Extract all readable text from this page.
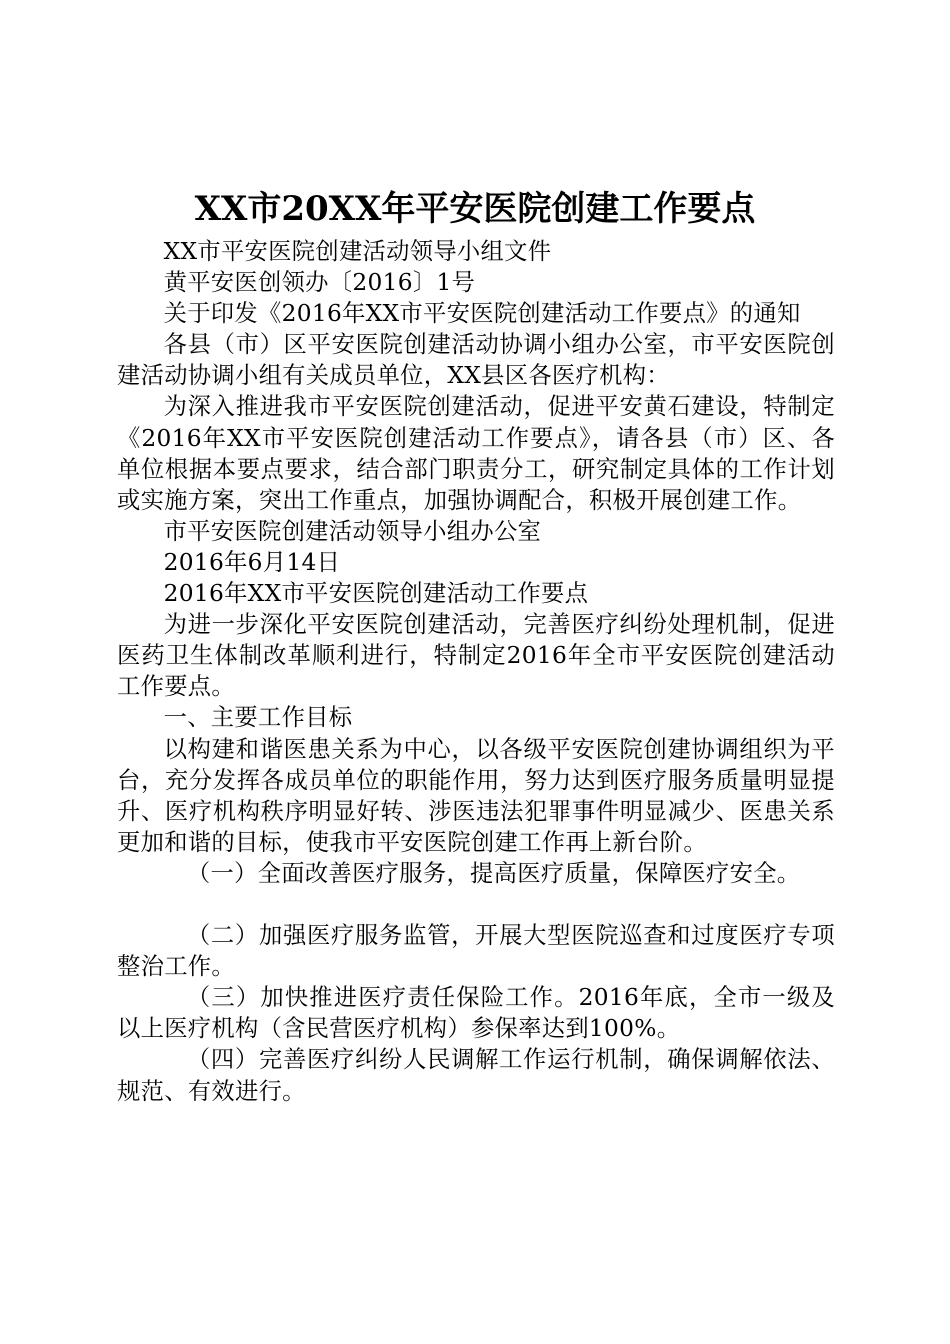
XX市20XX年平安医院创建工作要点

XX市平安医院创建活动领导小组文件

黄平安医创领办〔2016〕1号

关于印发《2016年XX市平安医院创建活动工作要点》的通知

各县（市）区平安医院创建活动协调小组办公室，市平安医院创建活动协调小组有关成员单位，XX县区各医疗机构：

为深入推进我市平安医院创建活动，促进平安黄石建设，特制定《2016年XX市平安医院创建活动工作要点》，请各县（市）区、各单位根据本要点要求，结合部门职责分工，研究制定具体的工作计划或实施方案，突出工作重点，加强协调配合，积极开展创建工作。

市平安医院创建活动领导小组办公室

2016年6月14日

2016年XX市平安医院创建活动工作要点

为进一步深化平安医院创建活动，完善医疗纠纷处理机制，促进医药卫生体制改革顺利进行，特制定2016年全市平安医院创建活动工作要点。

一、主要工作目标

以构建和谐医患关系为中心，以各级平安医院创建协调组织为平台，充分发挥各成员单位的职能作用，努力达到医疗服务质量明显提升、医疗机构秩序明显好转、涉医违法犯罪事件明显减少、医患关系更加和谐的目标，使我市平安医院创建工作再上新台阶。

（一）全面改善医疗服务，提高医疗质量，保障医疗安全。

（二）加强医疗服务监管，开展大型医院巡查和过度医疗专项整治工作。

（三）加快推进医疗责任保险工作。2016年底，全市一级及以上医疗机构（含民营医疗机构）参保率达到100%。

（四）完善医疗纠纷人民调解工作运行机制，确保调解依法、规范、有效进行。
